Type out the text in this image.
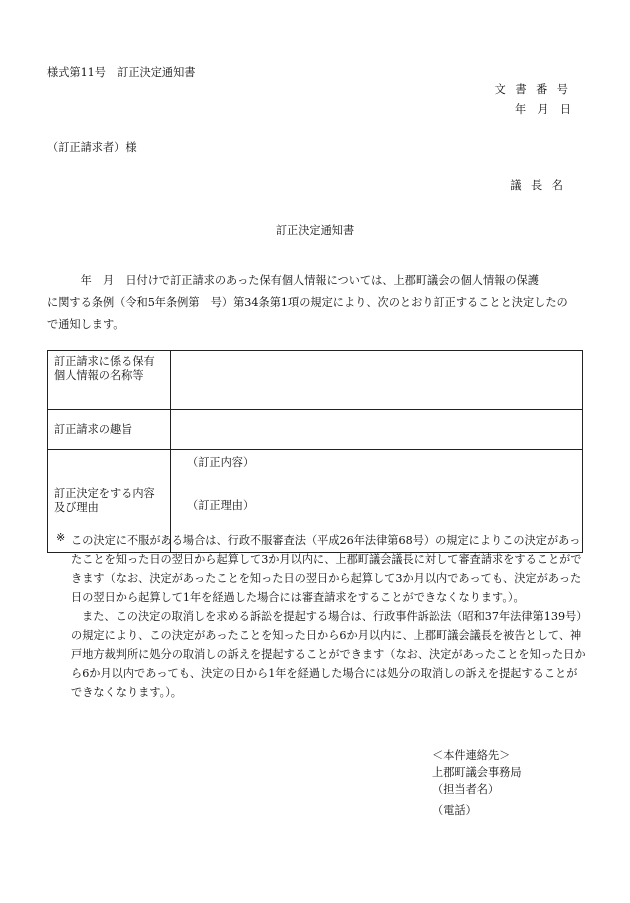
様式第11号　訂正決定通知書
文 書 番 号
年　月　日
（訂正請求者）様
議 長 名
訂正決定通知書

　　　年　月　日付けで訂正請求のあった保有個人情報については、上郡町議会の個人情報の保護

に関する条例（令和5年条例第　号）第34条第1項の規定により、次のとおり訂正することと決定したの

で通知します。

訂正請求に係る保有個人情報の名称等	
訂正請求の趣旨	
訂正決定をする内容及び理由	（訂正内容）
（訂正理由）
※ この決定に不服がある場合は、行政不服審査法（平成26年法律第68号）の規定によりこの決定があったことを知った日の翌日から起算して3か月以内に、上郡町議会議長に対して審査請求をすることができます（なお、決定があったことを知った日の翌日から起算して3か月以内であっても、決定があった日の翌日から起算して1年を経過した場合には審査請求をすることができなくなります。）。

また、この決定の取消しを求める訴訟を提起する場合は、行政事件訴訟法（昭和37年法律第139号）の規定により、この決定があったことを知った日から6か月以内に、上郡町議会議長を被告として、神戸地方裁判所に処分の取消しの訴えを提起することができます（なお、決定があったことを知った日から6か月以内であっても、決定の日から1年を経過した場合には処分の取消しの訴えを提起することができなくなります。）。

＜本件連絡先＞
上郡町議会事務局
（担当者名）
（電話）
